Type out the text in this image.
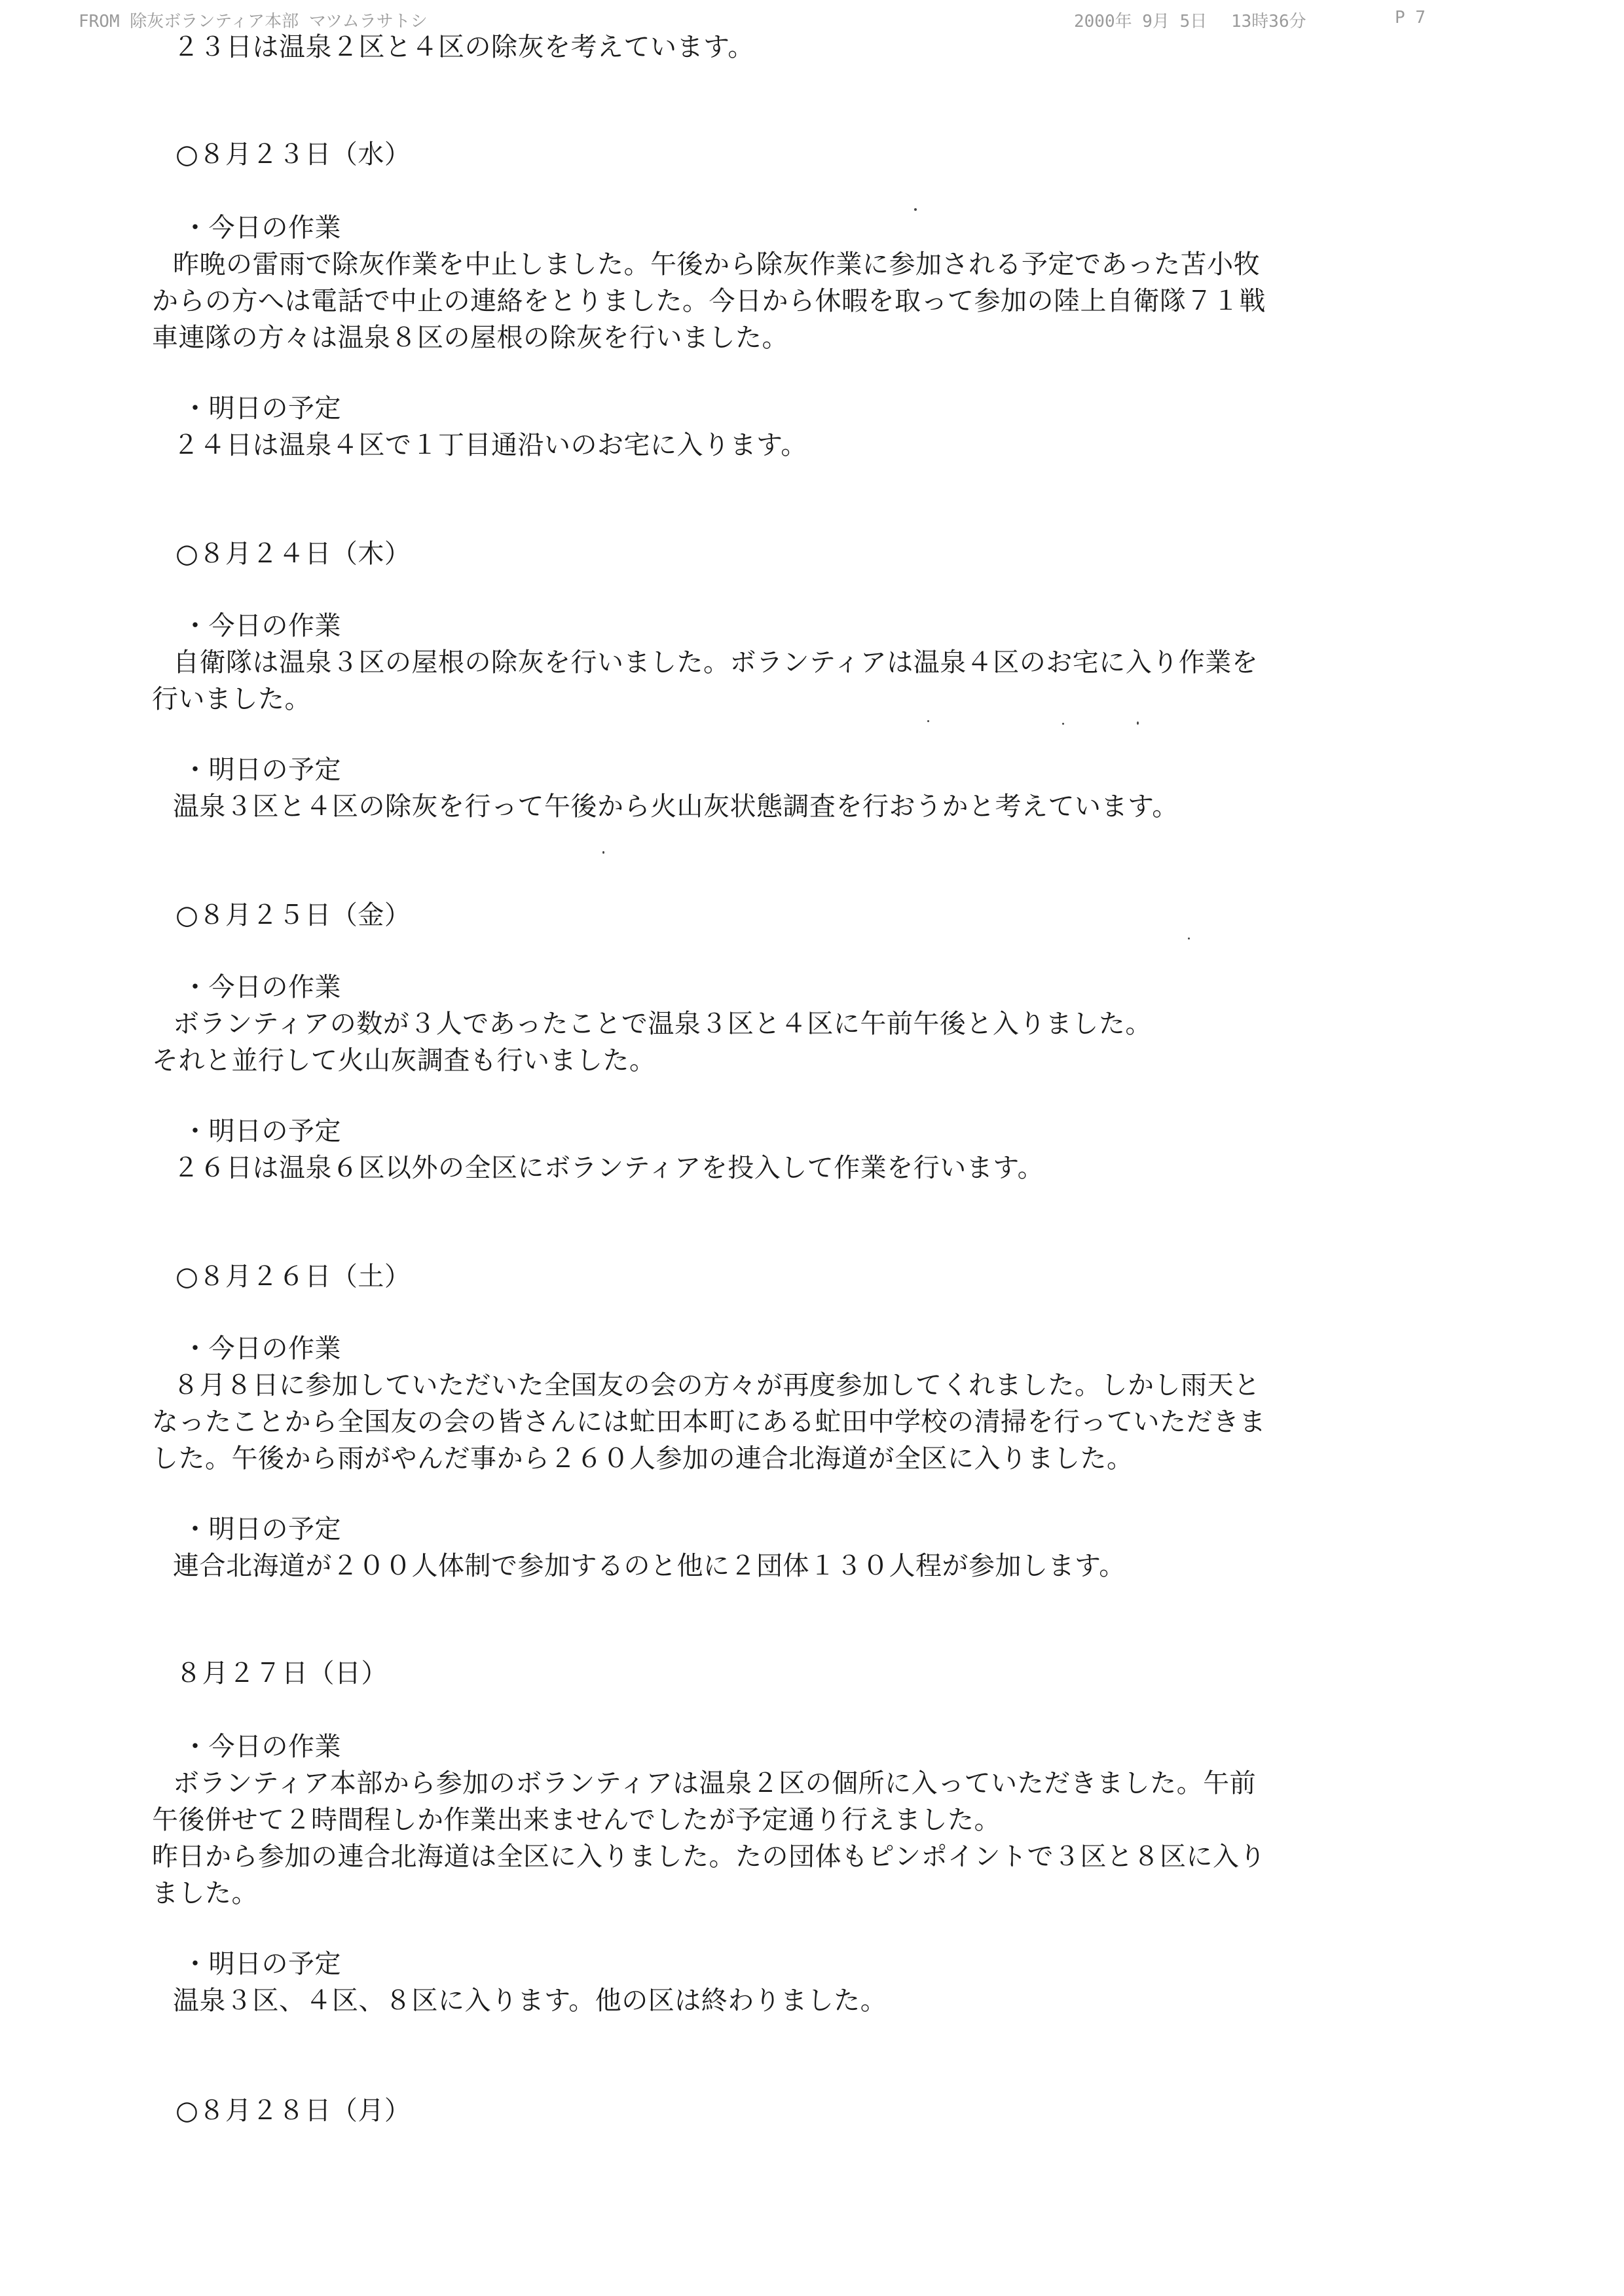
FROM 除灰ボランティア本部 マツムラサトシ	2000年 9月 5日 13時36分	P 7
２３日は温泉２区と４区の除灰を考えています。
○８月２３日（水）
・今日の作業
昨晩の雷雨で除灰作業を中止しました。午後から除灰作業に参加される予定であった苫小牧
からの方へは電話で中止の連絡をとりました。今日から休暇を取って参加の陸上自衛隊７１戦
車連隊の方々は温泉８区の屋根の除灰を行いました。
・明日の予定
２４日は温泉４区で１丁目通沿いのお宅に入ります。
○８月２４日（木）
・今日の作業
自衛隊は温泉３区の屋根の除灰を行いました。ボランティアは温泉４区のお宅に入り作業を
行いました。
・明日の予定
温泉３区と４区の除灰を行って午後から火山灰状態調査を行おうかと考えています。
○８月２５日（金）
・今日の作業
ボランティアの数が３人であったことで温泉３区と４区に午前午後と入りました。
それと並行して火山灰調査も行いました。
・明日の予定
２６日は温泉６区以外の全区にボランティアを投入して作業を行います。
○８月２６日（土）
・今日の作業
８月８日に参加していただいた全国友の会の方々が再度参加してくれました。しかし雨天と
なったことから全国友の会の皆さんには虻田本町にある虻田中学校の清掃を行っていただきま
した。午後から雨がやんだ事から２６０人参加の連合北海道が全区に入りました。
・明日の予定
連合北海道が２００人体制で参加するのと他に２団体１３０人程が参加します。
８月２７日（日）
・今日の作業
ボランティア本部から参加のボランティアは温泉２区の個所に入っていただきました。午前
午後併せて２時間程しか作業出来ませんでしたが予定通り行えました。
昨日から参加の連合北海道は全区に入りました。たの団体もピンポイントで３区と８区に入り
ました。
・明日の予定
温泉３区、４区、８区に入ります。他の区は終わりました。
○８月２８日（月）
